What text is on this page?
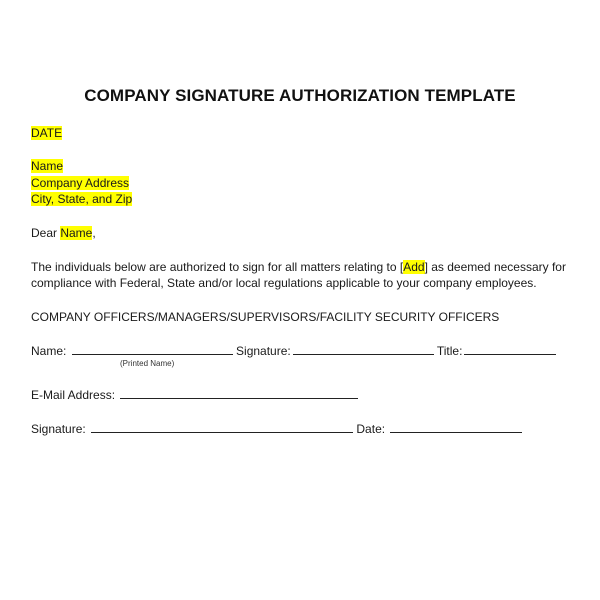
COMPANY SIGNATURE AUTHORIZATION TEMPLATE
DATE
Name
Company Address
City, State, and Zip
Dear Name,
The individuals below are authorized to sign for all matters relating to [Add] as deemed necessary for
compliance with Federal, State and/or local regulations applicable to your company employees.
COMPANY OFFICERS/MANAGERS/SUPERVISORS/FACILITY SECURITY OFFICERS
Name:	Signature:	Title:
(Printed Name)
E-Mail Address:
Signature:	Date:
